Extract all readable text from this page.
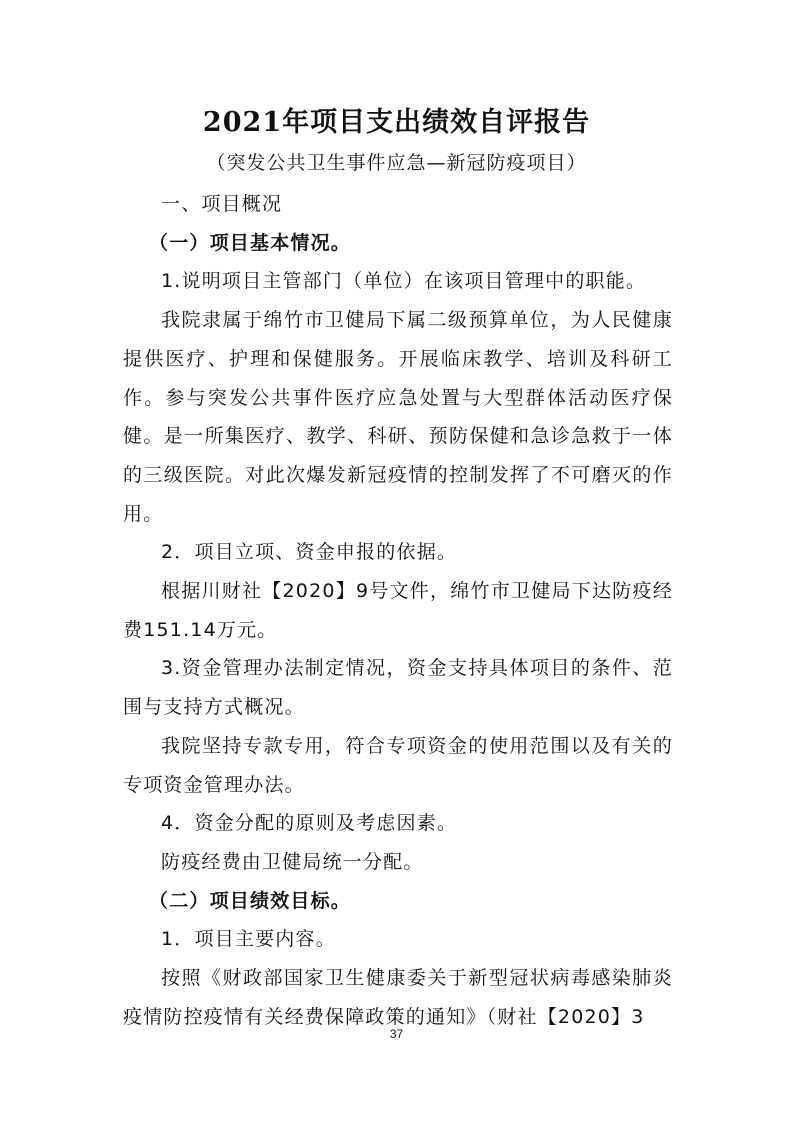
2021年项目支出绩效自评报告

（突发公共卫生事件应急—新冠防疫项目）

一、项目概况

（一）项目基本情况。

1.说明项目主管部门（单位）在该项目管理中的职能。

我院隶属于绵竹市卫健局下属二级预算单位，为人民健康提供医疗、护理和保健服务。开展临床教学、培训及科研工作。参与突发公共事件医疗应急处置与大型群体活动医疗保健。是一所集医疗、教学、科研、预防保健和急诊急救于一体的三级医院。对此次爆发新冠疫情的控制发挥了不可磨灭的作用。

2．项目立项、资金申报的依据。

根据川财社【2020】9号文件，绵竹市卫健局下达防疫经费151.14万元。

3.资金管理办法制定情况，资金支持具体项目的条件、范围与支持方式概况。

我院坚持专款专用，符合专项资金的使用范围以及有关的专项资金管理办法。

4．资金分配的原则及考虑因素。

防疫经费由卫健局统一分配。

（二）项目绩效目标。

1．项目主要内容。

按照《财政部国家卫生健康委关于新型冠状病毒感染肺炎疫情防控疫情有关经费保障政策的通知》（财社【2020】3

37
